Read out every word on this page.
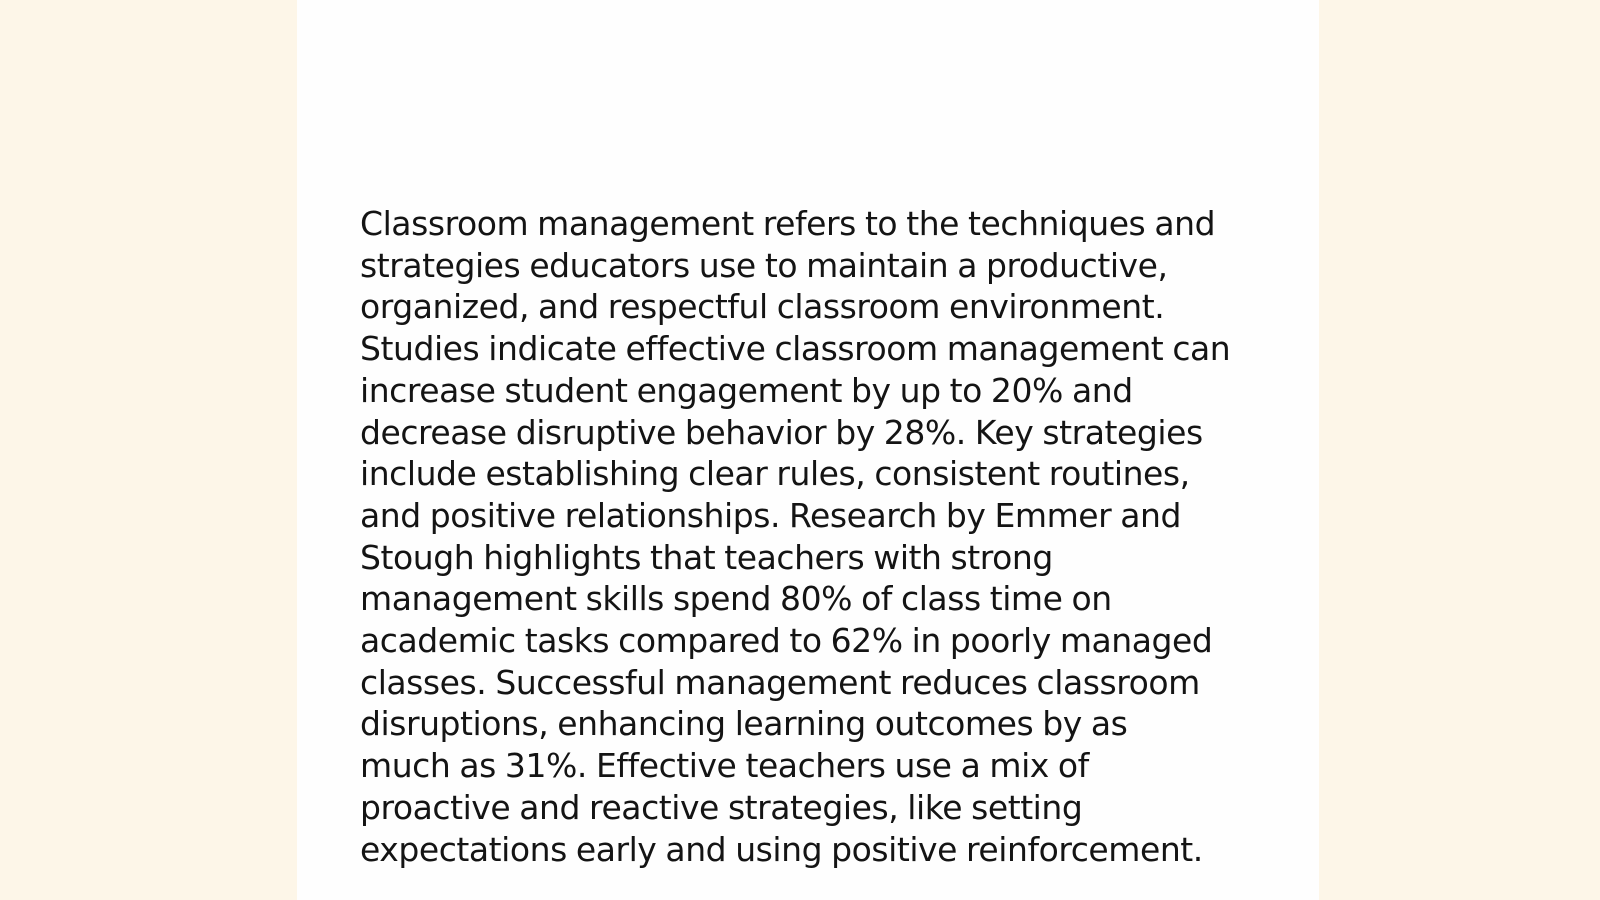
Classroom management refers to the techniques and
strategies educators use to maintain a productive,
organized, and respectful classroom environment.
Studies indicate effective classroom management can
increase student engagement by up to 20% and
decrease disruptive behavior by 28%. Key strategies
include establishing clear rules, consistent routines,
and positive relationships. Research by Emmer and
Stough highlights that teachers with strong
management skills spend 80% of class time on
academic tasks compared to 62% in poorly managed
classes. Successful management reduces classroom
disruptions, enhancing learning outcomes by as
much as 31%. Effective teachers use a mix of
proactive and reactive strategies, like setting
expectations early and using positive reinforcement.
